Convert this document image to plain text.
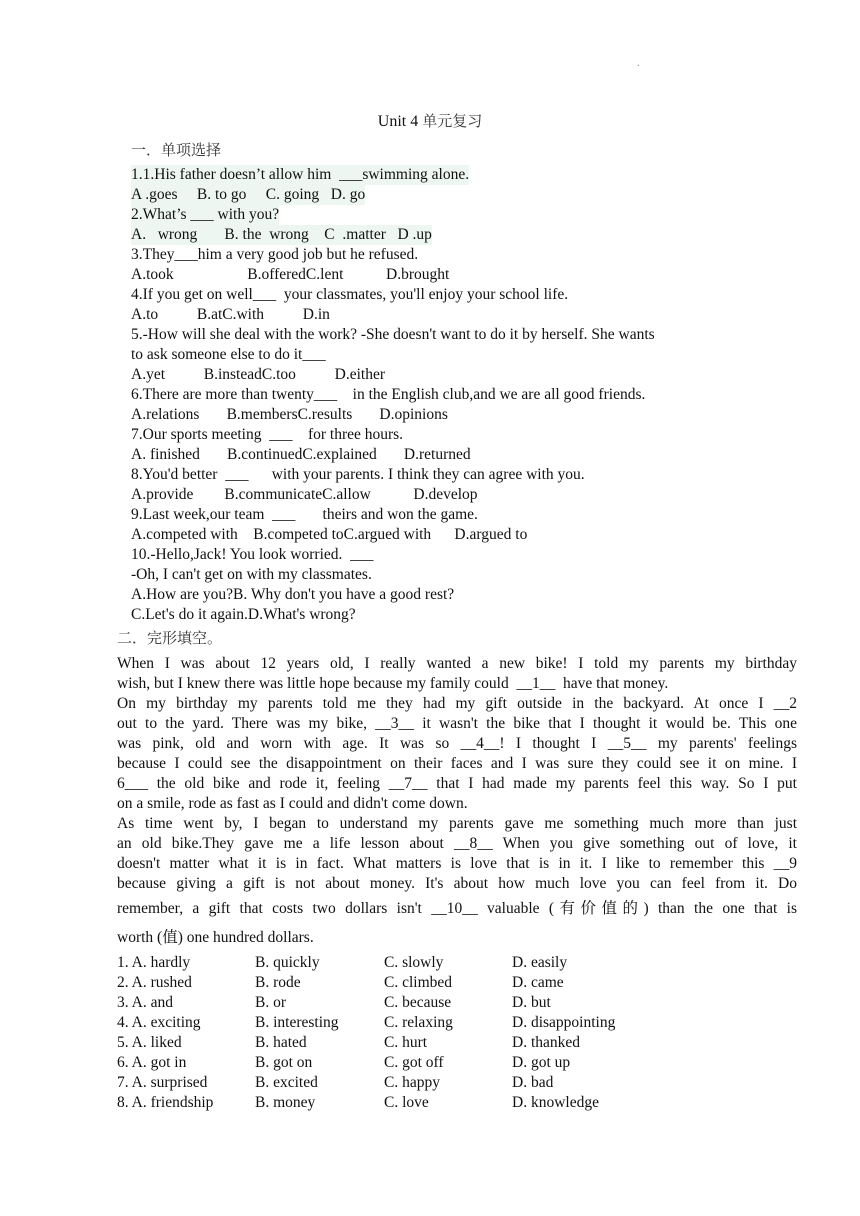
.
Unit 4 单元复习
一．单项选择
1.1.His father doesn’t allow him  ___swimming alone.
A .goes     B. to go     C. going   D. go
2.What’s ___ with you?
A.   wrong       B. the  wrong    C  .matter   D .up
3.They___him a very good job but he refused.
A.took                   B.offeredC.lent           D.brought
4.If you get on well___  your classmates, you'll enjoy your school life.
A.to          B.atC.with          D.in
5.-How will she deal with the work? -She doesn't want to do it by herself. She wants
to ask someone else to do it___
A.yet          B.insteadC.too          D.either
6.There are more than twenty___    in the English club,and we are all good friends.
A.relations       B.membersC.results       D.opinions
7.Our sports meeting  ___    for three hours.
A. finished       B.continuedC.explained       D.returned
8.You'd better  ___      with your parents. I think they can agree with you.
A.provide        B.communicateC.allow           D.develop
9.Last week,our team  ___       theirs and won the game.
A.competed with    B.competed toC.argued with      D.argued to
10.-Hello,Jack! You look worried.  ___
-Oh, I can't get on with my classmates.
A.How are you?B. Why don't you have a good rest?
C.Let's do it again.D.What's wrong?
二．完形填空。
When I was about 12 years old, I really wanted a new bike! I told my parents my birthday
wish, but I knew there was little hope because my family could  __1__  have that money.
On my birthday my parents told me they had my gift outside in the backyard. At once I __2
out to the yard. There was my bike, __3__ it wasn't the bike that I thought it would be. This one
was pink, old and worn with age. It was so __4__! I thought I __5__ my parents' feelings
because I could see the disappointment on their faces and I was sure they could see it on mine. I
6___ the old bike and rode it, feeling __7__ that I had made my parents feel this way. So I put
on a smile, rode as fast as I could and didn't come down.
As time went by, I began to understand my parents gave me something much more than just
an old bike.They gave me a life lesson about __8__ When you give something out of love, it
doesn't matter what it is in fact. What matters is love that is in it. I like to remember this __9
because giving a gift is not about money. It's about how much love you can feel from it. Do
remember, a gift that costs two dollars isn't __10__ valuable (有价值的) than the one that is
worth (值) one hundred dollars.
1. A. hardly	B. quickly	C. slowly	D. easily
2. A. rushed	B. rode	C. climbed	D. came
3. A. and	B. or	C. because	D. but
4. A. exciting	B. interesting	C. relaxing	D. disappointing
5. A. liked	B. hated	C. hurt	D. thanked
6. A. got in	B. got on	C. got off	D. got up
7. A. surprised	B. excited	C. happy	D. bad
8. A. friendship	B. money	C. love	D. knowledge
